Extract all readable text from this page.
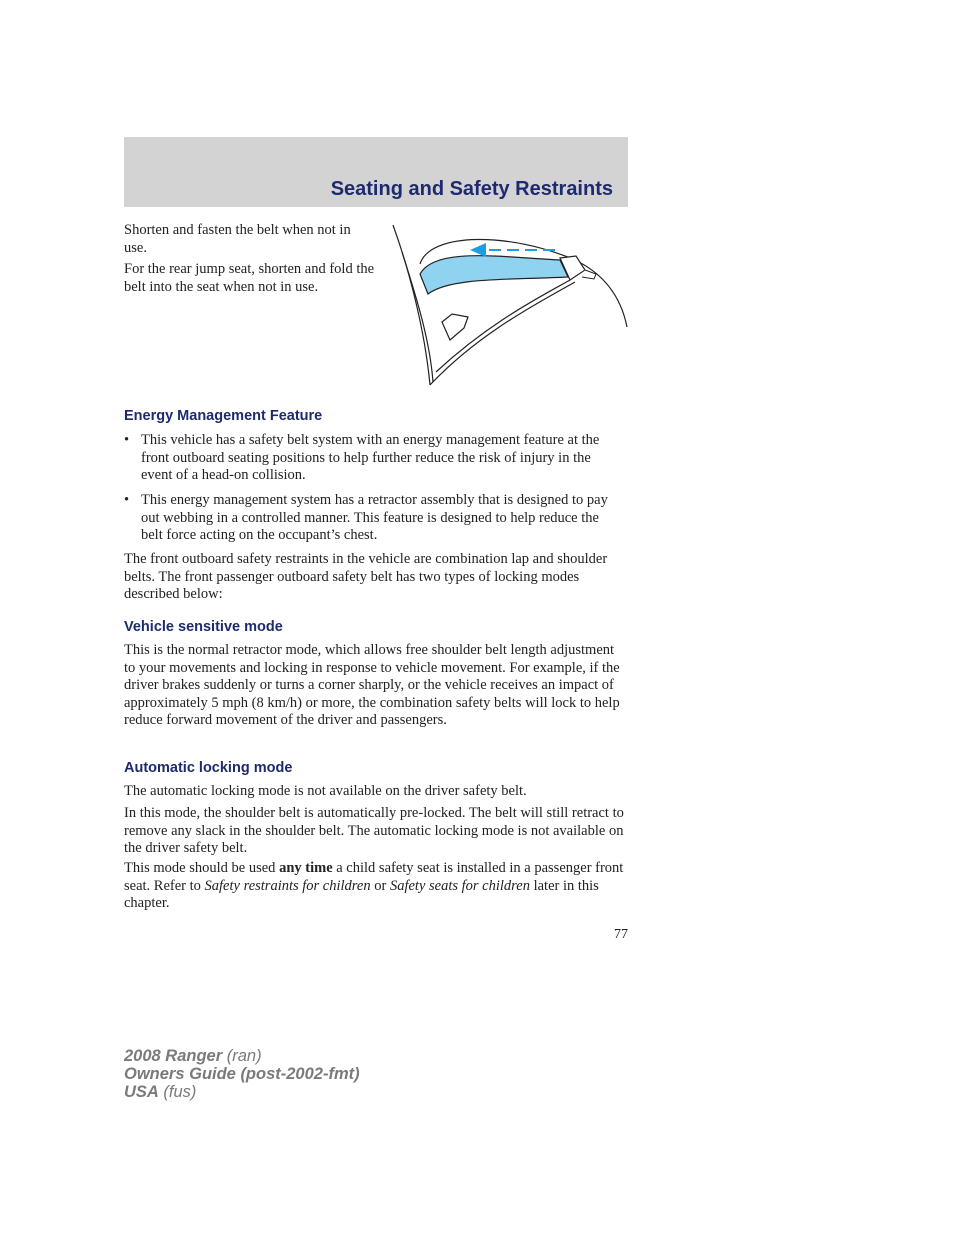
Seating and Safety Restraints
Shorten and fasten the belt when not in use.
For the rear jump seat, shorten and fold the belt into the seat when not in use.
Energy Management Feature
• This vehicle has a safety belt system with an energy management feature at the front outboard seating positions to help further reduce the risk of injury in the event of a head-on collision.
• This energy management system has a retractor assembly that is designed to pay out webbing in a controlled manner. This feature is designed to help reduce the belt force acting on the occupant’s chest.
The front outboard safety restraints in the vehicle are combination lap and shoulder belts. The front passenger outboard safety belt has two types of locking modes described below:
Vehicle sensitive mode
This is the normal retractor mode, which allows free shoulder belt length adjustment to your movements and locking in response to vehicle movement. For example, if the driver brakes suddenly or turns a corner sharply, or the vehicle receives an impact of approximately 5 mph (8 km/h) or more, the combination safety belts will lock to help reduce forward movement of the driver and passengers.
Automatic locking mode
The automatic locking mode is not available on the driver safety belt.
In this mode, the shoulder belt is automatically pre-locked. The belt will still retract to remove any slack in the shoulder belt. The automatic locking mode is not available on the driver safety belt.
This mode should be used any time a child safety seat is installed in a passenger front seat. Refer to Safety restraints for children or Safety seats for children later in this chapter.
77
2008 Ranger (ran)
Owners Guide (post-2002-fmt)
USA (fus)
